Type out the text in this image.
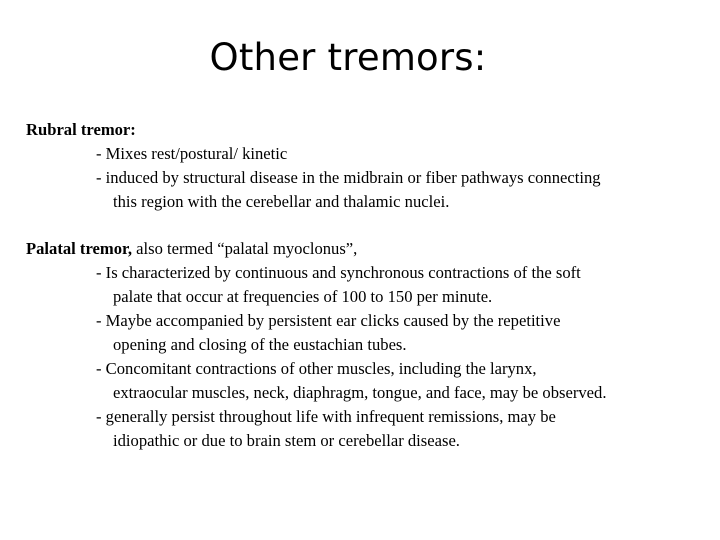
Other tremors:
Rubral tremor:
- Mixes rest/postural/ kinetic
- induced by structural disease in the midbrain or fiber pathways connecting
this region with the cerebellar and thalamic nuclei.
Palatal tremor, also termed “palatal myoclonus”,
- Is characterized by continuous and synchronous contractions of the soft
palate that occur at frequencies of 100 to 150 per minute.
- Maybe accompanied by persistent ear clicks caused by the repetitive
opening and closing of the eustachian tubes.
- Concomitant contractions of other muscles, including the larynx,
extraocular muscles, neck, diaphragm, tongue, and face, may be observed.
- generally persist throughout life with infrequent remissions, may be
idiopathic or due to brain stem or cerebellar disease.
